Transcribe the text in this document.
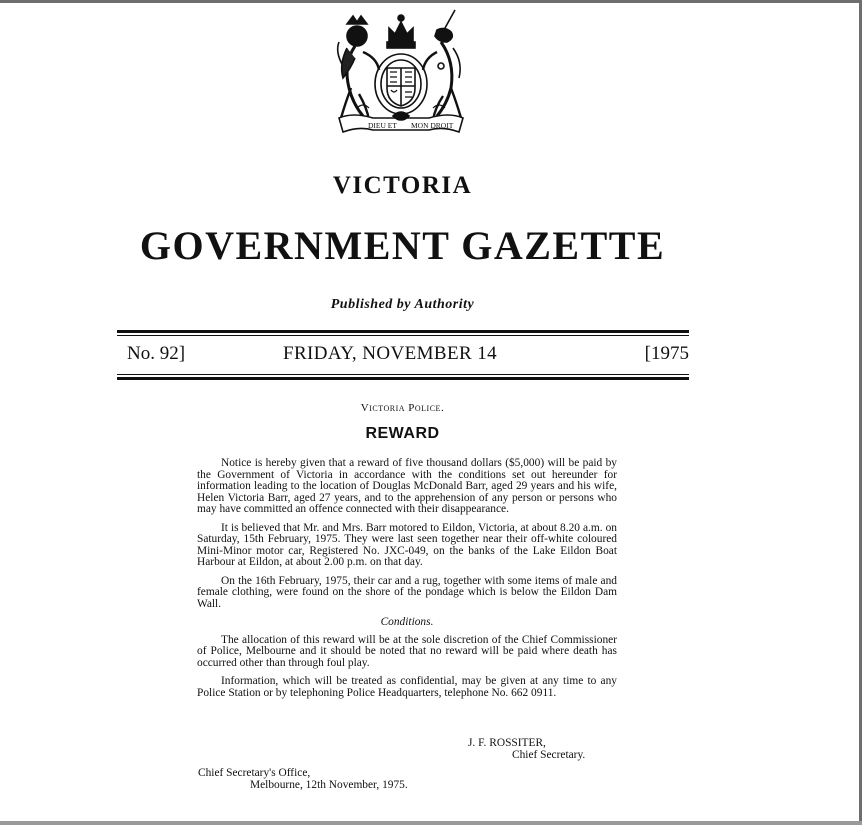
DIEU ET MON DROIT
VICTORIA
GOVERNMENT GAZETTE
Published by Authority
No. 92]	FRIDAY, NOVEMBER 14	[1975
Victoria Police.
REWARD

Notice is hereby given that a reward of five thousand dollars ($5,000) will be paid by the Government of Victoria in accordance with the conditions set out hereunder for information leading to the location of Douglas McDonald Barr, aged 29 years and his wife, Helen Victoria Barr, aged 27 years, and to the apprehension of any person or persons who may have committed an offence connected with their disappearance.

It is believed that Mr. and Mrs. Barr motored to Eildon, Victoria, at about 8.20 a.m. on Saturday, 15th February, 1975. They were last seen together near their off-white coloured Mini-Minor motor car, Registered No. JXC-049, on the banks of the Lake Eildon Boat Harbour at Eildon, at about 2.00 p.m. on that day.

On the 16th February, 1975, their car and a rug, together with some items of male and female clothing, were found on the shore of the pondage which is below the Eildon Dam Wall.

Conditions.

The allocation of this reward will be at the sole discretion of the Chief Commissioner of Police, Melbourne and it should be noted that no reward will be paid where death has occurred other than through foul play.

Information, which will be treated as confidential, may be given at any time to any Police Station or by telephoning Police Headquarters, telephone No. 662 0911.

J. F. ROSSITER,
Chief Secretary.
Chief Secretary's Office,
Melbourne, 12th November, 1975.
